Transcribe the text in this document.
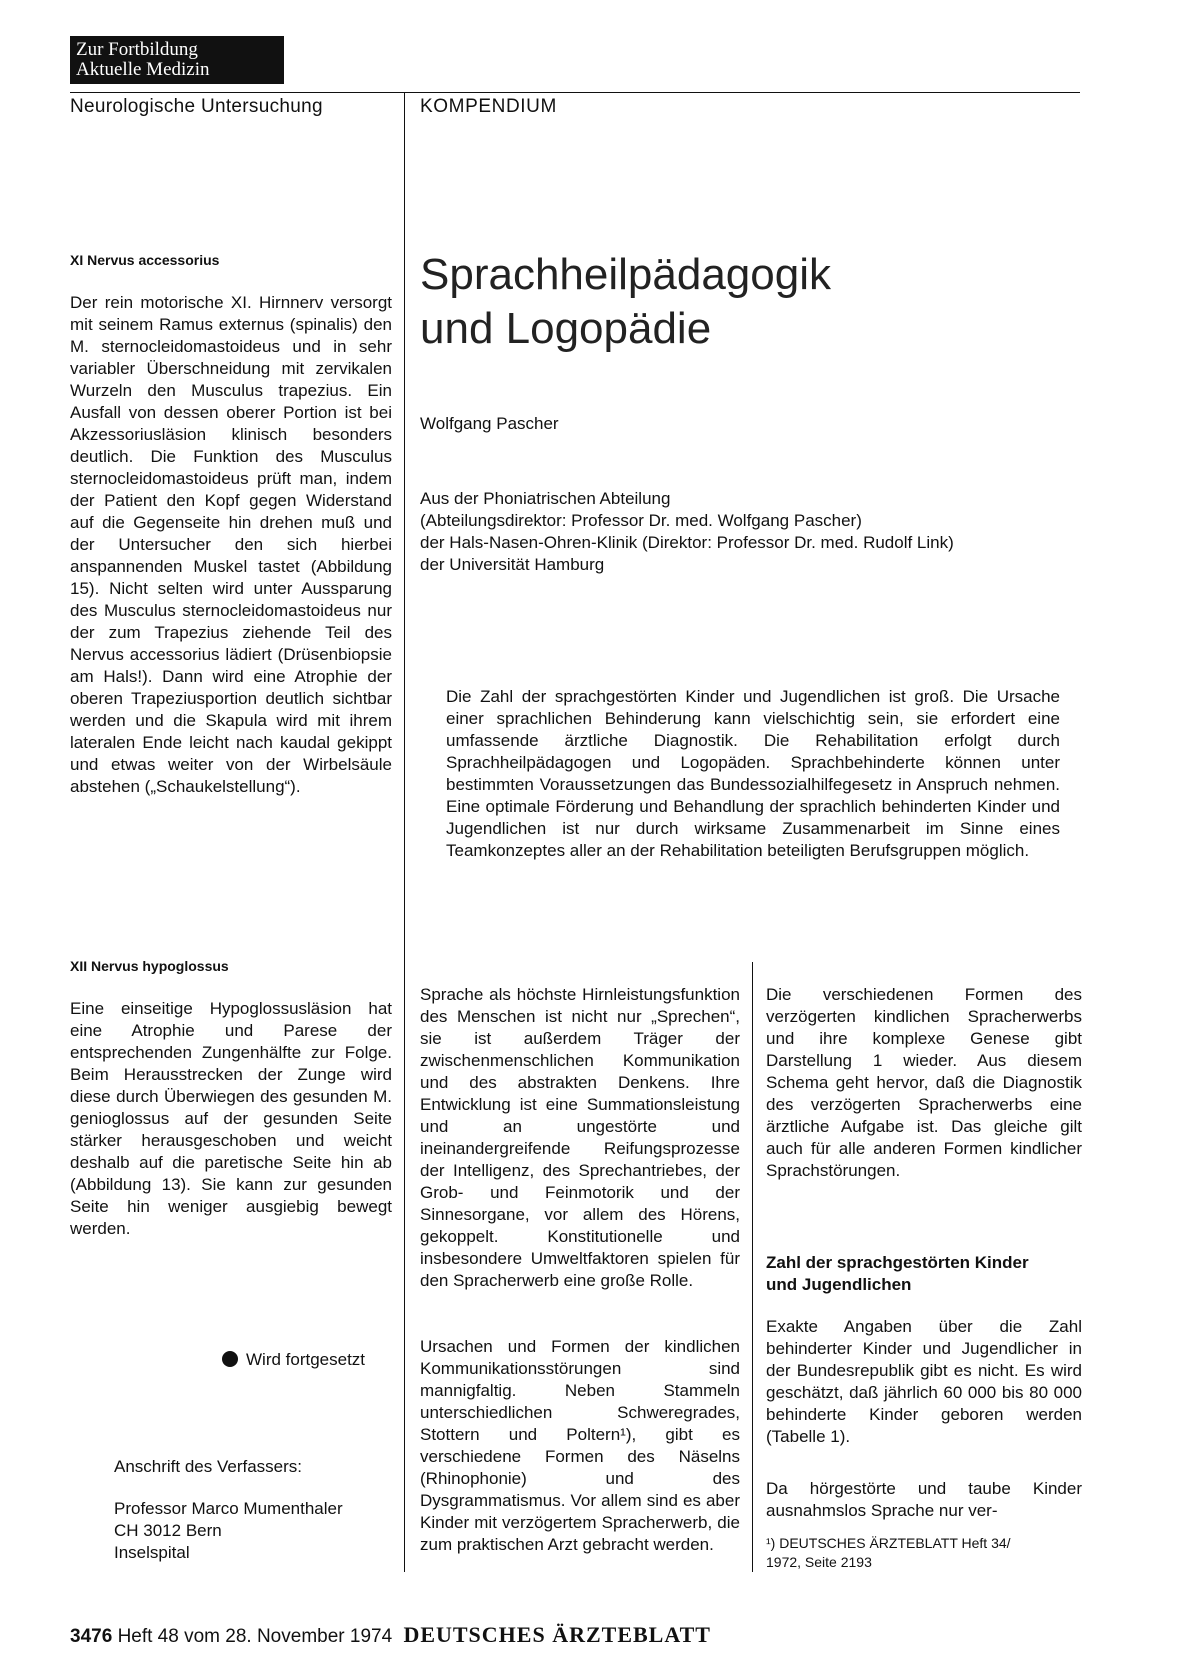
Zur Fortbildung
Aktuelle Medizin
Neurologische Untersuchung	KOMPENDIUM
XI Nervus accessorius
Der rein motorische XI. Hirnnerv versorgt mit seinem Ramus externus (spinalis) den M. sternocleidomastoideus und in sehr variabler Überschneidung mit zervikalen Wurzeln den Musculus trapezius. Ein Ausfall von dessen oberer Portion ist bei Akzessoriusläsion klinisch besonders deutlich. Die Funktion des Musculus sternocleidomastoideus prüft man, indem der Patient den Kopf gegen Widerstand auf die Gegenseite hin drehen muß und der Untersucher den sich hierbei anspannenden Muskel tastet (Abbildung 15). Nicht selten wird unter Aussparung des Musculus sternocleidomastoideus nur der zum Trapezius ziehende Teil des Nervus accessorius lädiert (Drüsenbiopsie am Hals!). Dann wird eine Atrophie der oberen Trapeziusportion deutlich sichtbar werden und die Skapula wird mit ihrem lateralen Ende leicht nach kaudal gekippt und etwas weiter von der Wirbelsäule abstehen („Schaukelstellung“).
XII Nervus hypoglossus
Eine einseitige Hypoglossusläsion hat eine Atrophie und Parese der entsprechenden Zungenhälfte zur Folge. Beim Herausstrecken der Zunge wird diese durch Überwiegen des gesunden M. genioglossus auf der gesunden Seite stärker herausgeschoben und weicht deshalb auf die paretische Seite hin ab (Abbildung 13). Sie kann zur gesunden Seite hin weniger ausgiebig bewegt werden.
Wird fortgesetzt
Anschrift des Verfassers:
Professor Marco Mumenthaler
CH 3012 Bern
Inselspital
Sprachheilpädagogik
und Logopädie
Wolfgang Pascher
Aus der Phoniatrischen Abteilung
(Abteilungsdirektor: Professor Dr. med. Wolfgang Pascher)
der Hals-Nasen-Ohren-Klinik (Direktor: Professor Dr. med. Rudolf Link)
der Universität Hamburg
Die Zahl der sprachgestörten Kinder und Jugendlichen ist groß. Die Ursache einer sprachlichen Behinderung kann vielschichtig sein, sie erfordert eine umfassende ärztliche Diagnostik. Die Rehabilitation erfolgt durch Sprachheilpädagogen und Logopäden. Sprachbehinderte können unter bestimmten Voraussetzungen das Bundessozialhilfegesetz in Anspruch nehmen. Eine optimale Förderung und Behandlung der sprachlich behinderten Kinder und Jugendlichen ist nur durch wirksame Zusammenarbeit im Sinne eines Teamkonzeptes aller an der Rehabilitation beteiligten Berufsgruppen möglich.
Sprache als höchste Hirnleistungsfunktion des Menschen ist nicht nur „Sprechen“, sie ist außerdem Träger der zwischenmenschlichen Kommunikation und des abstrakten Denkens. Ihre Entwicklung ist eine Summationsleistung und an ungestörte und ineinandergreifende Reifungsprozesse der Intelligenz, des Sprechantriebes, der Grob- und Feinmotorik und der Sinnesorgane, vor allem des Hörens, gekoppelt. Konstitutionelle und insbesondere Umweltfaktoren spielen für den Spracherwerb eine große Rolle.
Ursachen und Formen der kindlichen Kommunikationsstörungen sind mannigfaltig. Neben Stammeln unterschiedlichen Schweregrades, Stottern und Poltern¹), gibt es verschiedene Formen des Näselns (Rhinophonie) und des Dysgrammatismus. Vor allem sind es aber Kinder mit verzögertem Spracherwerb, die zum praktischen Arzt gebracht werden.
Die verschiedenen Formen des verzögerten kindlichen Spracherwerbs und ihre komplexe Genese gibt Darstellung 1 wieder. Aus diesem Schema geht hervor, daß die Diagnostik des verzögerten Spracherwerbs eine ärztliche Aufgabe ist. Das gleiche gilt auch für alle anderen Formen kindlicher Sprachstörungen.
Zahl der sprachgestörten Kinder
und Jugendlichen
Exakte Angaben über die Zahl behinderter Kinder und Jugendlicher in der Bundesrepublik gibt es nicht. Es wird geschätzt, daß jährlich 60 000 bis 80 000 behinderte Kinder geboren werden (Tabelle 1).
Da hörgestörte und taube Kinder ausnahmslos Sprache nur ver-
¹) DEUTSCHES ÄRZTEBLATT Heft 34/
1972, Seite 2193
3476 Heft 48 vom 28. November 1974 DEUTSCHES ÄRZTEBLATT
